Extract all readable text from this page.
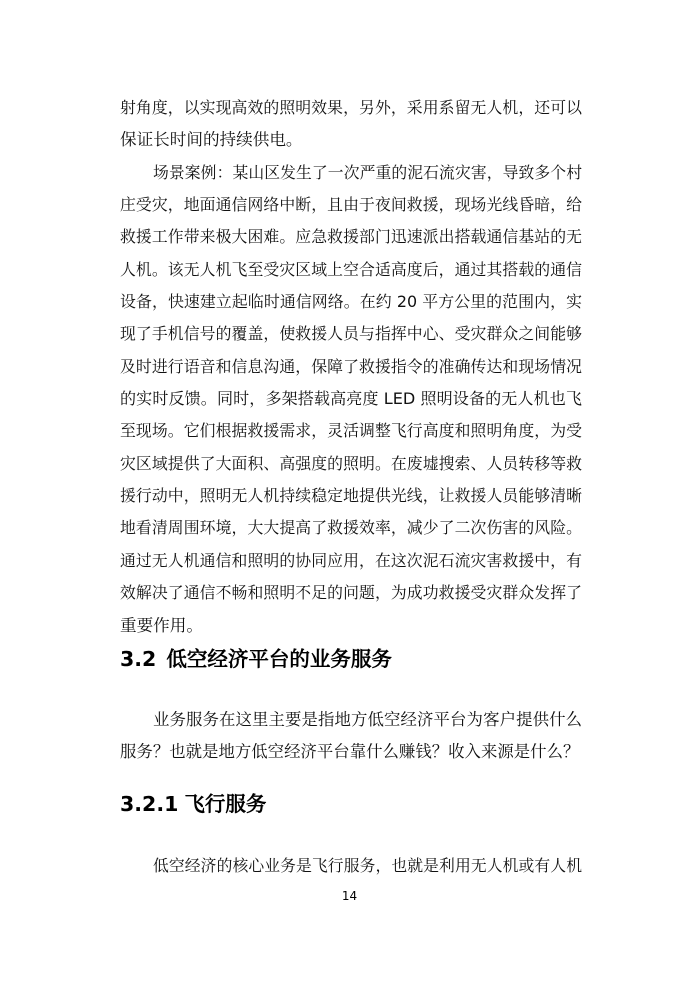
射角度，以实现高效的照明效果，另外，采用系留无人机，还可以
保证长时间的持续供电。
场景案例：某山区发生了一次严重的泥石流灾害，导致多个村
庄受灾，地面通信网络中断，且由于夜间救援，现场光线昏暗，给
救援工作带来极大困难。应急救援部门迅速派出搭载通信基站的无
人机。该无人机飞至受灾区域上空合适高度后，通过其搭载的通信
设备，快速建立起临时通信网络。在约 20 平方公里的范围内，实
现了手机信号的覆盖，使救援人员与指挥中心、受灾群众之间能够
及时进行语音和信息沟通，保障了救援指令的准确传达和现场情况
的实时反馈。同时，多架搭载高亮度 LED 照明设备的无人机也飞
至现场。它们根据救援需求，灵活调整飞行高度和照明角度，为受
灾区域提供了大面积、高强度的照明。在废墟搜索、人员转移等救
援行动中，照明无人机持续稳定地提供光线，让救援人员能够清晰
地看清周围环境，大大提高了救援效率，减少了二次伤害的风险。
通过无人机通信和照明的协同应用，在这次泥石流灾害救援中，有
效解决了通信不畅和照明不足的问题，为成功救援受灾群众发挥了
重要作用。
3.2 低空经济平台的业务服务
业务服务在这里主要是指地方低空经济平台为客户提供什么
服务？也就是地方低空经济平台靠什么赚钱？收入来源是什么？
3.2.1 飞行服务
低空经济的核心业务是飞行服务，也就是利用无人机或有人机
14
